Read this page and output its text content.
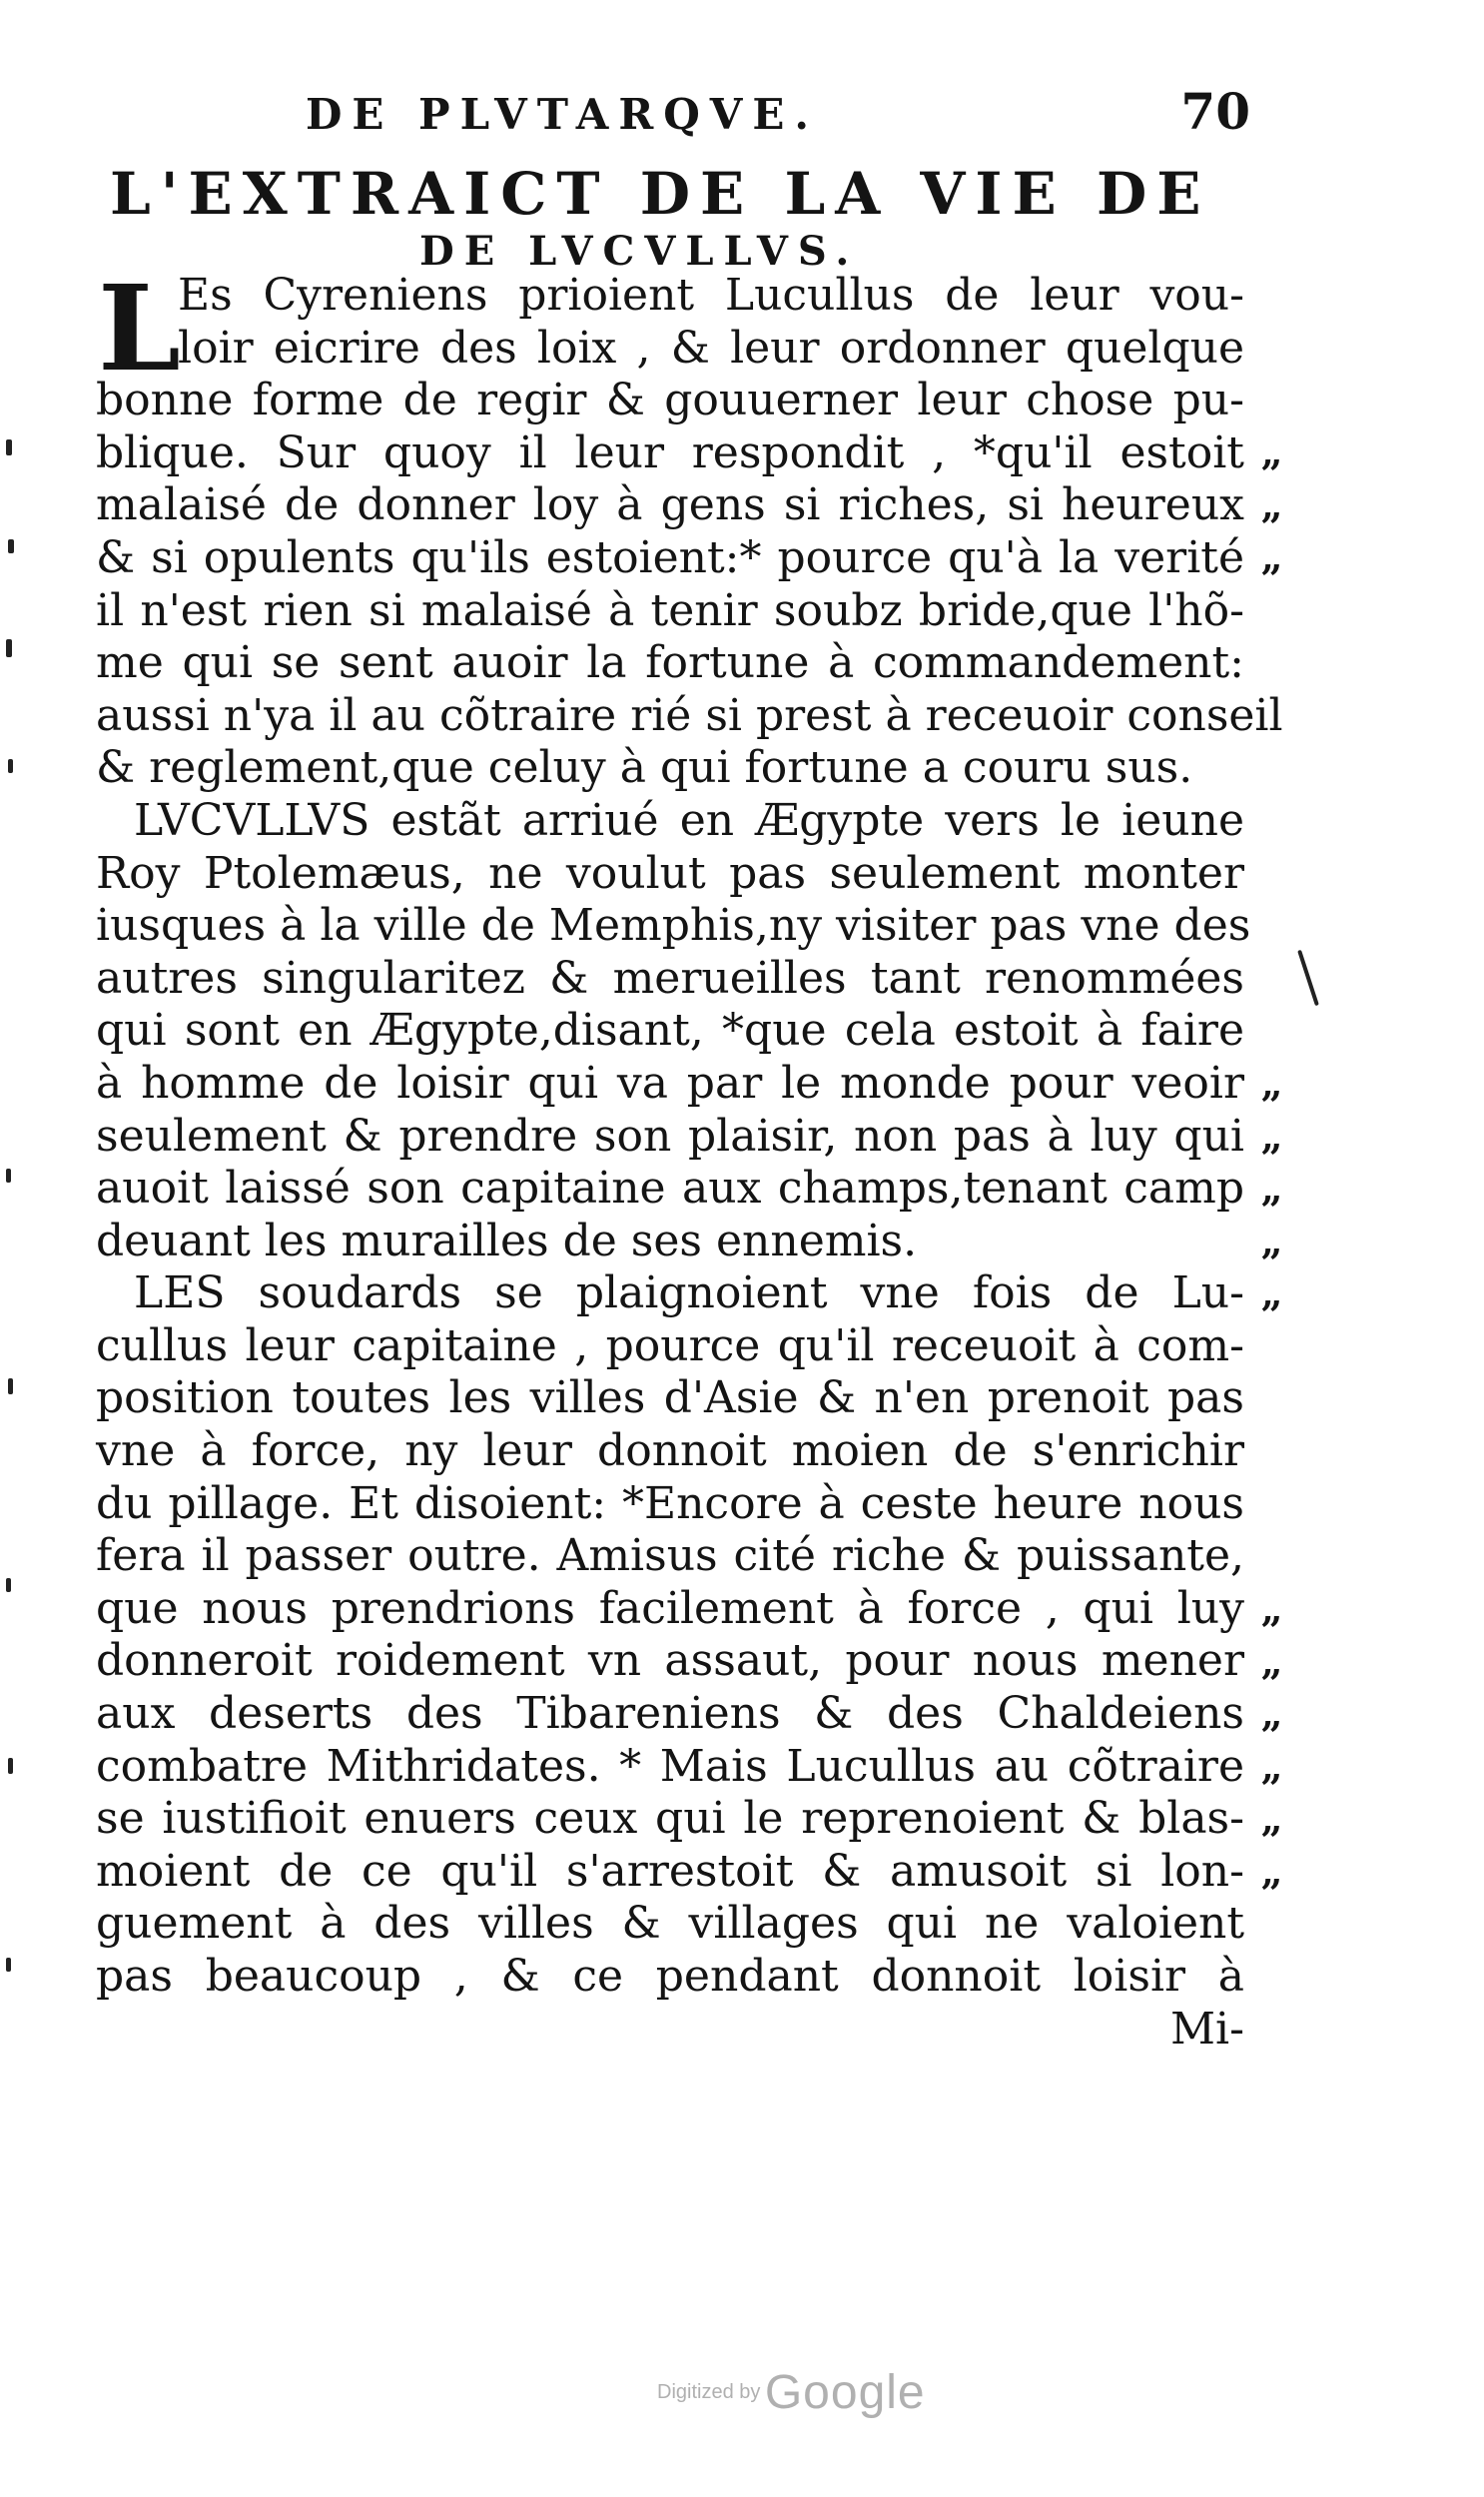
DE PLVTARQVE.	70
L'EXTRAICT DE LA VIE DE
DE LVCVLLVS.
L
Es Cyreniens prioient Lucullus de leur vou-
loir eicrire des loix , & leur ordonner quelque
bonne forme de regir & gouuerner leur chose pu-
blique. Sur quoy il leur respondit , *qu'il estoit
malaisé de donner loy à gens si riches, si heureux
& si opulents qu'ils estoient:* pource qu'à la verité
il n'est rien si malaisé à tenir soubz bride,que l'hõ-
me qui se sent auoir la fortune à commandement:
aussi n'ya il au cõtraire rié si prest à receuoir conseil
& reglement,que celuy à qui fortune a couru sus.
LVCVLLVS estãt arriué en Ægypte vers le ieune
Roy Ptolemæus, ne voulut pas seulement monter
iusques à la ville de Memphis,ny visiter pas vne des
autres singularitez & merueilles tant renommées
qui sont en Ægypte,disant, *que cela estoit à faire
à homme de loisir qui va par le monde pour veoir
seulement & prendre son plaisir, non pas à luy qui
auoit laissé son capitaine aux champs,tenant camp
deuant les murailles de ses ennemis.
LES soudards se plaignoient vne fois de Lu-
cullus leur capitaine , pource qu'il receuoit à com-
position toutes les villes d'Asie & n'en prenoit pas
vne à force, ny leur donnoit moien de s'enrichir
du pillage. Et disoient: *Encore à ceste heure nous
fera il passer outre. Amisus cité riche & puissante,
que nous prendrions facilement à force , qui luy
donneroit roidement vn assaut, pour nous mener
aux deserts des Tibareniens & des Chaldeiens
combatre Mithridates. * Mais Lucullus au cõtraire
se iustifioit enuers ceux qui le reprenoient & blas-
moient de ce qu'il s'arrestoit & amusoit si lon-
guement à des villes & villages qui ne valoient
pas beaucoup , & ce pendant donnoit loisir à
Mi-
”
”
”
”
”
”
”
”
”
”
”
”
”
”
Digitized by Google
